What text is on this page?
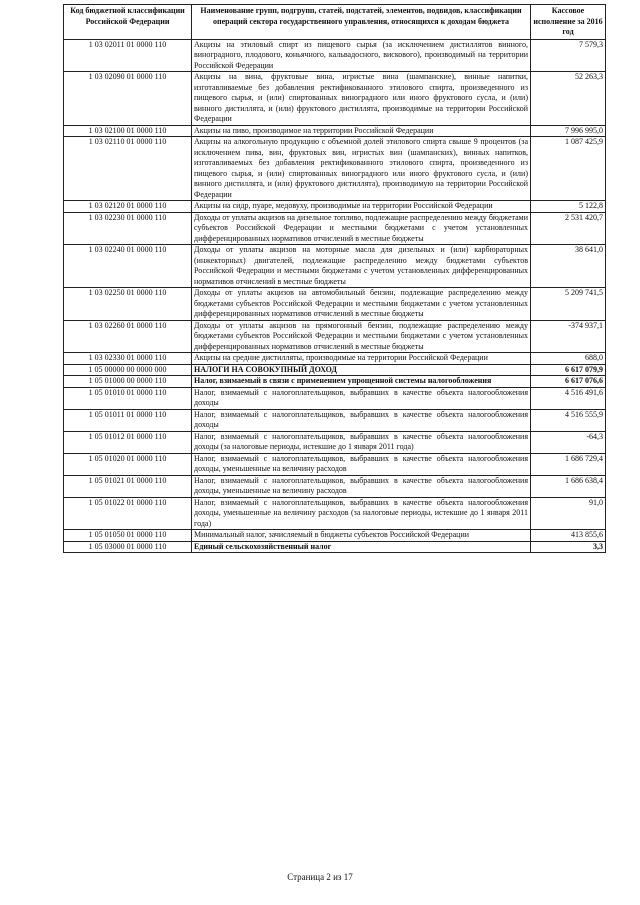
Код бюджетной классификации Российской Федерации	Наименование групп, подгрупп, статей, подстатей, элементов, подвидов, классификации операций сектора государственного управления, относящихся к доходам бюджета	Кассовое исполнение за 2016 год
1 03 02011 01 0000 110	Акцизы на этиловый спирт из пищевого сырья (за исключением дистиллятов винного, виноградного, плодового, коньячного, кальвадосного, вискового), производимый на территории Российской Федерации	7 579,3
1 03 02090 01 0000 110	Акцизы на вина, фруктовые вина, игристые вина (шампанские), винные напитки, изготавливаемые без добавления ректификованного этилового спирта, произведенного из пищевого сырья, и (или) спиртованных виноградного или иного фруктового сусла, и (или) винного дистиллята, и (или) фруктового дистиллята, производимые на территории Российской Федерации	52 263,3
1 03 02100 01 0000 110	Акцизы на пиво, производимое на территории Российской Федерации	7 996 995,0
1 03 02110 01 0000 110	Акцизы на алкогольную продукцию с объемной долей этилового спирта свыше 9 процентов (за исключением пива, вин, фруктовых вин, игристых вин (шампанских), винных напитков, изготавливаемых без добавления ректификованного этилового спирта, произведенного из пищевого сырья, и (или) спиртованных виноградного или иного фруктового сусла, и (или) винного дистиллята, и (или) фруктового дистиллята), производимую на территории Российской Федерации	1 087 425,9
1 03 02120 01 0000 110	Акцизы на сидр, пуаре, медовуху, производимые на территории Российской Федерации	5 122,8
1 03 02230 01 0000 110	Доходы от уплаты акцизов на дизельное топливо, подлежащие распределению между бюджетами субъектов Российской Федерации и местными бюджетами с учетом установленных дифференцированных нормативов отчислений в местные бюджеты	2 531 420,7
1 03 02240 01 0000 110	Доходы от уплаты акцизов на моторные масла для дизельных и (или) карбюраторных (инжекторных) двигателей, подлежащие распределению между бюджетами субъектов Российской Федерации и местными бюджетами с учетом установленных дифференцированных нормативов отчислений в местные бюджеты	38 641,0
1 03 02250 01 0000 110	Доходы от уплаты акцизов на автомобильный бензин, подлежащие распределению между бюджетами субъектов Российской Федерации и местными бюджетами с учетом установленных дифференцированных нормативов отчислений в местные бюджеты	5 209 741,5
1 03 02260 01 0000 110	Доходы от уплаты акцизов на прямогонный бензин, подлежащие распределению между бюджетами субъектов Российской Федерации и местными бюджетами с учетом установленных дифференцированных нормативов отчислений в местные бюджеты	-374 937,1
1 03 02330 01 0000 110	Акцизы на средние дистилляты, производимые на территории Российской Федерации	688,0
1 05 00000 00 0000 000	НАЛОГИ НА СОВОКУПНЫЙ ДОХОД	6 617 079,9
1 05 01000 00 0000 110	Налог, взимаемый в связи с применением упрощенной системы налогообложения	6 617 076,6
1 05 01010 01 0000 110	Налог, взимаемый с налогоплательщиков, выбравших в качестве объекта налогообложения доходы	4 516 491,6
1 05 01011 01 0000 110	Налог, взимаемый с налогоплательщиков, выбравших в качестве объекта налогообложения доходы	4 516 555,9
1 05 01012 01 0000 110	Налог, взимаемый с налогоплательщиков, выбравших в качестве объекта налогообложения доходы (за налоговые периоды, истекшие до 1 января 2011 года)	-64,3
1 05 01020 01 0000 110	Налог, взимаемый с налогоплательщиков, выбравших в качестве объекта налогообложения доходы, уменьшенные на величину расходов	1 686 729,4
1 05 01021 01 0000 110	Налог, взимаемый с налогоплательщиков, выбравших в качестве объекта налогообложения доходы, уменьшенные на величину расходов	1 686 638,4
1 05 01022 01 0000 110	Налог, взимаемый с налогоплательщиков, выбравших в качестве объекта налогообложения доходы, уменьшенные на величину расходов (за налоговые периоды, истекшие до 1 января 2011 года)	91,0
1 05 01050 01 0000 110	Минимальный налог, зачисляемый в бюджеты субъектов Российской Федерации	413 855,6
1 05 03000 01 0000 110	Единый сельскохозяйственный налог	3,3
Страница 2 из 17
